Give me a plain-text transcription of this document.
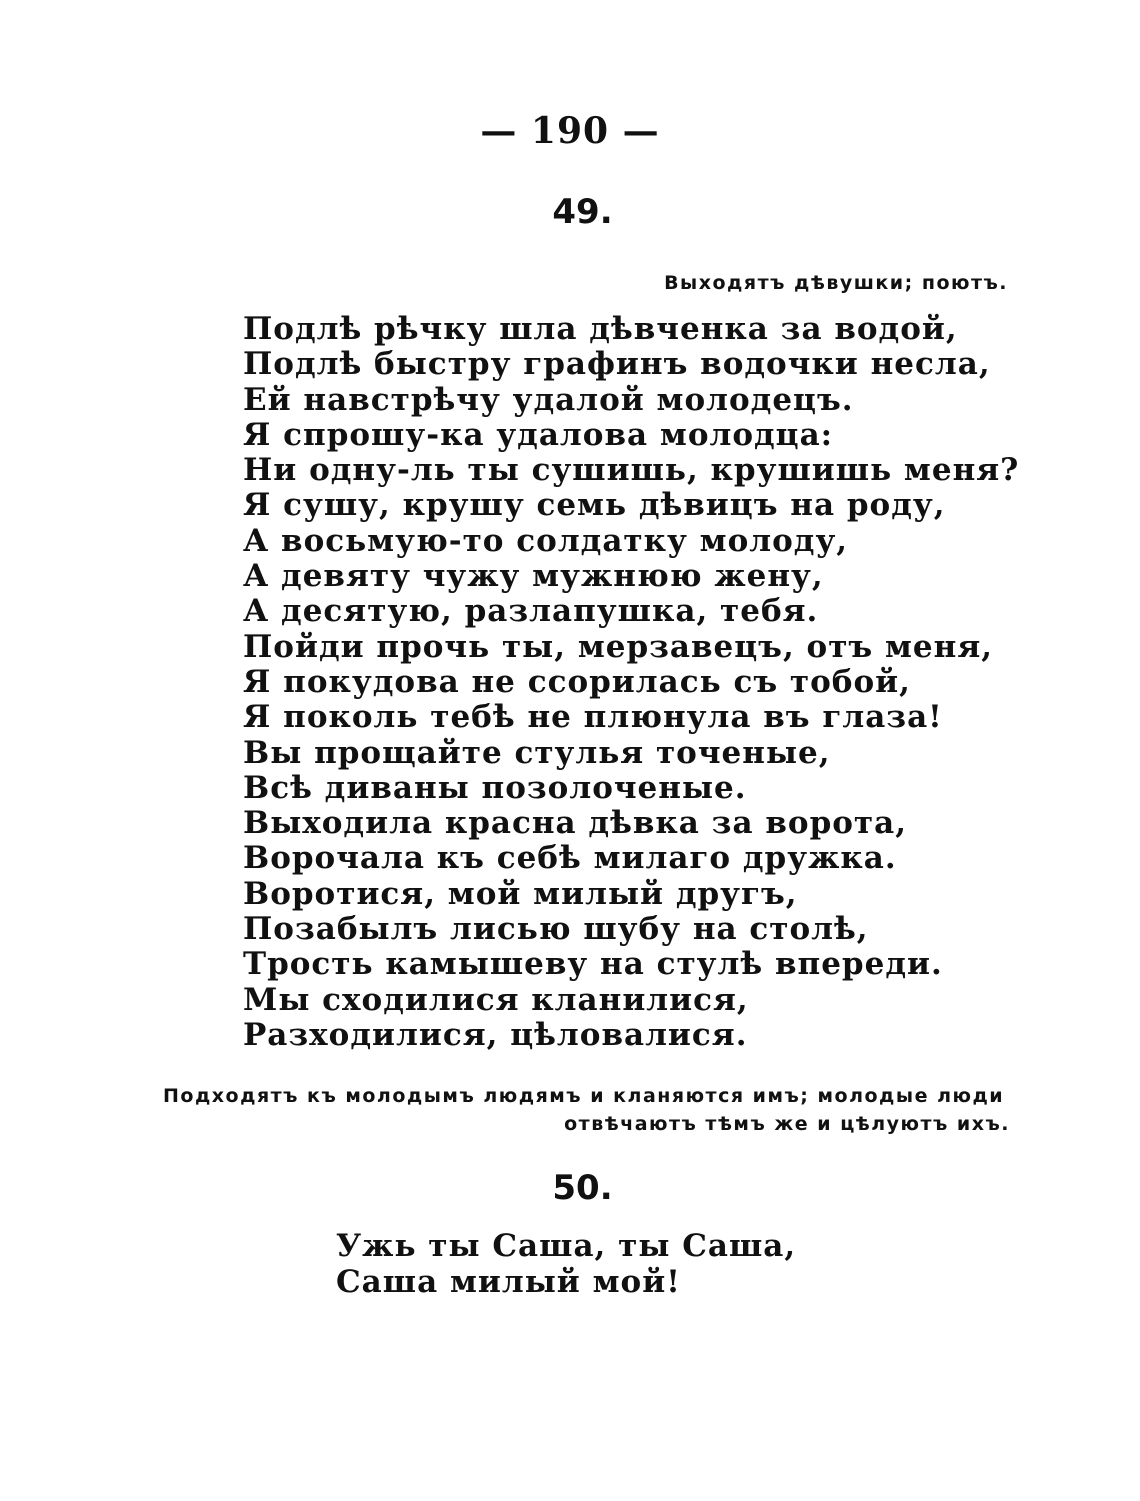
— 190 —
49.
Выходятъ дѣвушки; поютъ.
Подлѣ рѣчку шла дѣвченка за водой,
Подлѣ быстру графинъ водочки несла,
Ей навстрѣчу удалой молодецъ.
Я спрошу-ка удалова молодца:
Ни одну-ль ты сушишь, крушишь меня?
Я сушу, крушу семь дѣвицъ на роду,
А восьмую-то солдатку молоду,
А девяту чужу мужнюю жену,
А десятую, разлапушка, тебя.
Пойди прочь ты, мерзавецъ, отъ меня,
Я покудова не ссорилась съ тобой,
Я поколь тебѣ не плюнула въ глаза!
Вы прощайте стулья точеные,
Всѣ диваны позолоченые.
Выходила красна дѣвка за ворота,
Ворочала къ себѣ милаго дружка.
Воротися, мой милый другъ,
Позабылъ лисью шубу на столѣ,
Трость камышеву на стулѣ впереди.
Мы сходилися кланилися,
Разходилися, цѣловалися.
Подходятъ къ молодымъ людямъ и кланяются имъ; молодые люди
отвѣчаютъ тѣмъ же и цѣлуютъ ихъ.
50.
Ужь ты Саша, ты Саша,
Саша милый мой!
